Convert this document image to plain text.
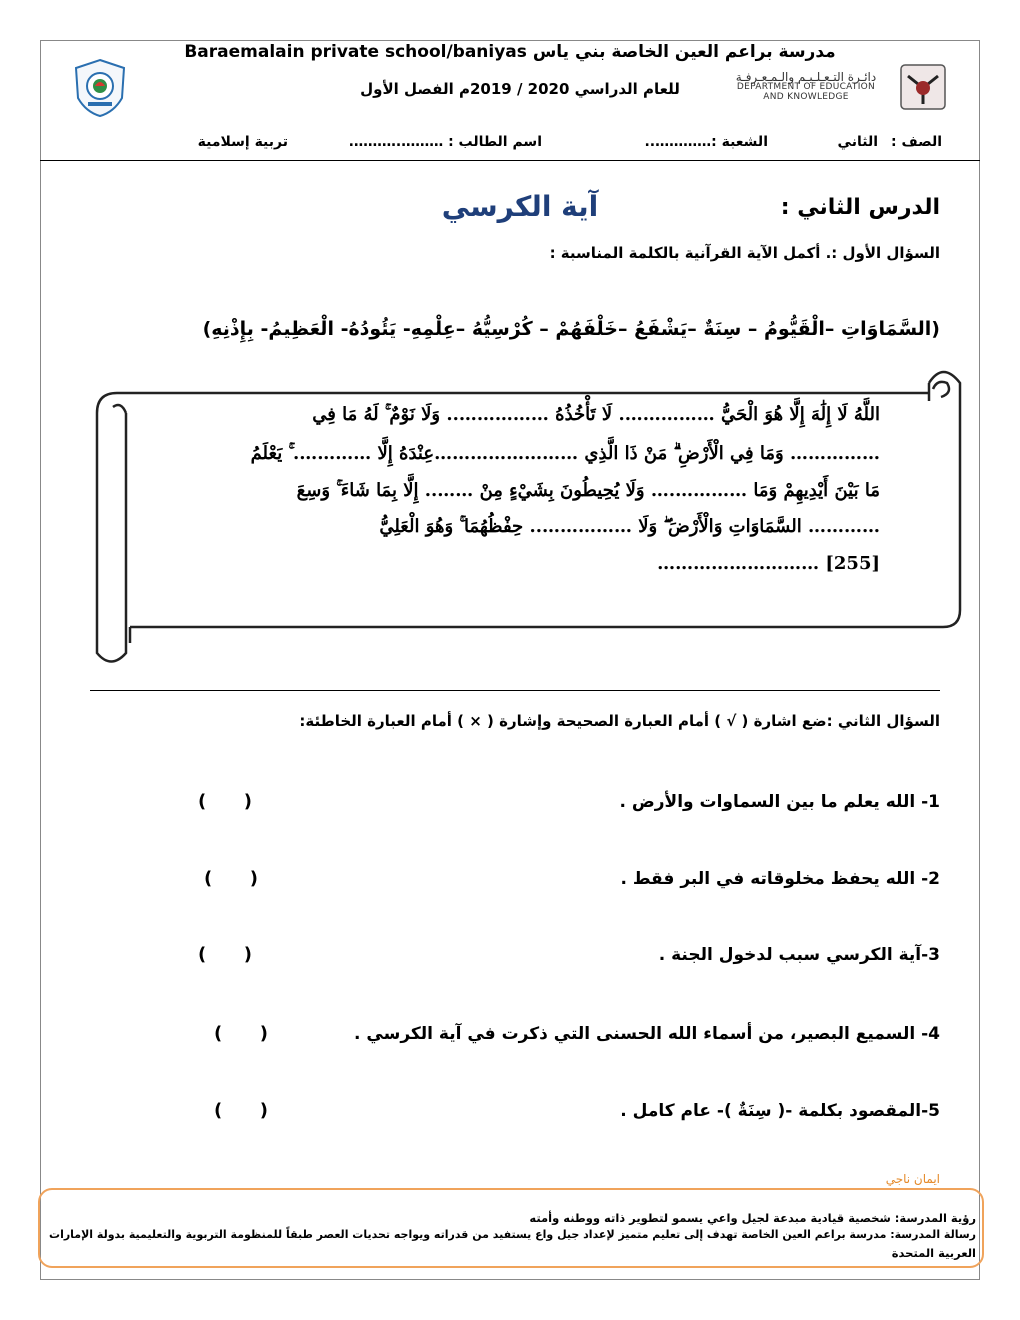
مدرسة براعم العين الخاصة بني ياس Baraemalain private school/baniyas
للعام الدراسي 2020 / 2019م الفصل الأول
دائـرة التـعـلـيـم والـمـعـرفـة
DEPARTMENT OF EDUCATION
AND KNOWLEDGE
الصف :
الثاني
الشعبة :…………..
اسم الطالب : ……….……….
تربية إسلامية
الدرس الثاني :
آية الكرسي
السؤال الأول :. أكمل الآية القرآنية بالكلمة المناسبة :
(السَّمَاوَاتِ –الْقَيُّومُ – سِنَةٌ –يَشْفَعُ –خَلْفَهُمْ – كُرْسِيُّهُ –عِلْمِهِ- يَئُودُهُ- الْعَظِيمُ- بِإِذْنِهِ)
اللَّهُ لَا إِلَٰهَ إِلَّا هُوَ الْحَيُّ ……………. لَا تَأْخُذُهُ …………….. وَلَا نَوْمٌ ۚ لَهُ مَا فِي
…………… وَمَا فِي الْأَرْضِ ۗ مَنْ ذَا الَّذِي ……………………عِنْدَهُ إِلَّا …………. ۚ يَعْلَمُ
مَا بَيْنَ أَيْدِيهِمْ وَمَا ………….… وَلَا يُحِيطُونَ بِشَيْءٍ مِنْ …….. إِلَّا بِمَا شَاءَ ۚ وَسِعَ
………… السَّمَاوَاتِ وَالْأَرْضَ ۖ وَلَا …………….. حِفْظُهُمَا ۚ وَهُوَ الْعَلِيُّ
……………………… [255]
السؤال الثاني :ضع اشارة ( √ ) أمام العبارة الصحيحة وإشارة ( × ) أمام العبارة الخاطئة:
1- الله يعلم ما بين السماوات والأرض .
(      )
2- الله يحفظ مخلوقاته في البر فقط .
(      )
3-آية الكرسي سبب لدخول الجنة .
(      )
4- السميع البصير، من أسماء الله الحسنى التي ذكرت في آية الكرسي .
(      )
5-المقصود بكلمة -( سِنَةٌ )- عام كامل .
(      )
ايمان ناجي
رؤية المدرسة: شخصية قيادية مبدعة لجيل واعي يسمو لتطوير ذاته ووطنه وأمته
رسالة المدرسة: مدرسة براعم العين الخاصة تهدف إلى تعليم متميز لإعداد جيل واع يستفيد من قدراته ويواجه تحديات العصر طبقاً للمنظومة التربوية والتعليمية بدولة الإمارات
العربية المتحدة
